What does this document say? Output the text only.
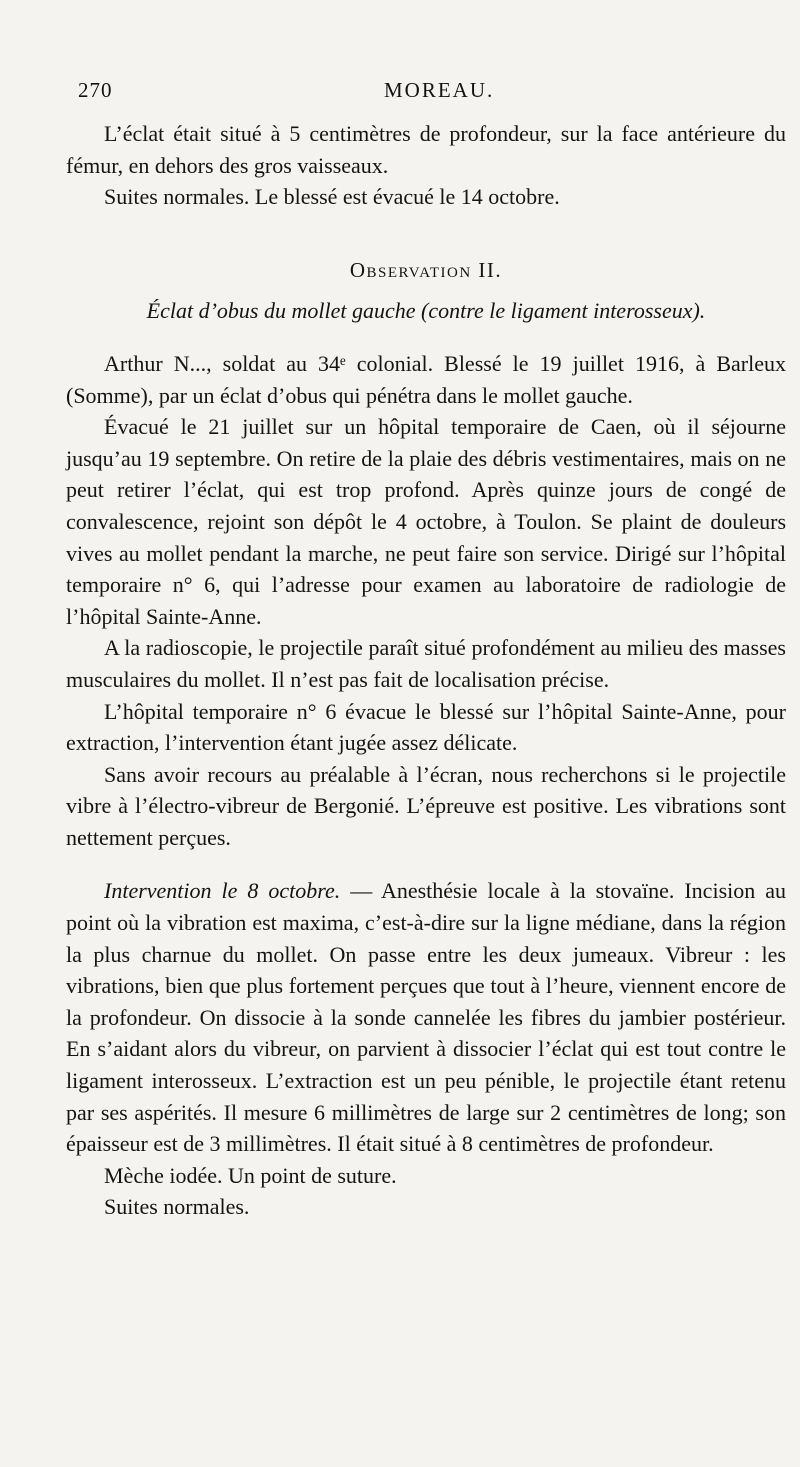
270	MOREAU.

L’éclat était situé à 5 centimètres de profondeur, sur la face antérieure du fémur, en dehors des gros vaisseaux.

Suites normales. Le blessé est évacué le 14 octobre.

Observation II.

Éclat d’obus du mollet gauche (contre le ligament interosseux).

Arthur N..., soldat au 34ᵉ colonial. Blessé le 19 juillet 1916, à Barleux (Somme), par un éclat d’obus qui pénétra dans le mollet gauche.

Évacué le 21 juillet sur un hôpital temporaire de Caen, où il séjourne jusqu’au 19 septembre. On retire de la plaie des débris vestimentaires, mais on ne peut retirer l’éclat, qui est trop profond. Après quinze jours de congé de convalescence, rejoint son dépôt le 4 octobre, à Toulon. Se plaint de douleurs vives au mollet pendant la marche, ne peut faire son service. Dirigé sur l’hôpital temporaire n° 6, qui l’adresse pour examen au laboratoire de radiologie de l’hôpital Sainte-Anne.

A la radioscopie, le projectile paraît situé profondément au milieu des masses musculaires du mollet. Il n’est pas fait de localisation précise.

L’hôpital temporaire n° 6 évacue le blessé sur l’hôpital Sainte-Anne, pour extraction, l’intervention étant jugée assez délicate.

Sans avoir recours au préalable à l’écran, nous recherchons si le projectile vibre à l’électro-vibreur de Bergonié. L’épreuve est positive. Les vibrations sont nettement perçues.

Intervention le 8 octobre. — Anesthésie locale à la stovaïne. Incision au point où la vibration est maxima, c’est-à-dire sur la ligne médiane, dans la région la plus charnue du mollet. On passe entre les deux jumeaux. Vibreur : les vibrations, bien que plus fortement perçues que tout à l’heure, viennent encore de la profondeur. On dissocie à la sonde cannelée les fibres du jambier postérieur. En s’aidant alors du vibreur, on parvient à dissocier l’éclat qui est tout contre le ligament interosseux. L’extraction est un peu pénible, le projectile étant retenu par ses aspérités. Il mesure 6 millimètres de large sur 2 centimètres de long; son épaisseur est de 3 millimètres. Il était situé à 8 centimètres de profondeur.

Mèche iodée. Un point de suture.

Suites normales.
